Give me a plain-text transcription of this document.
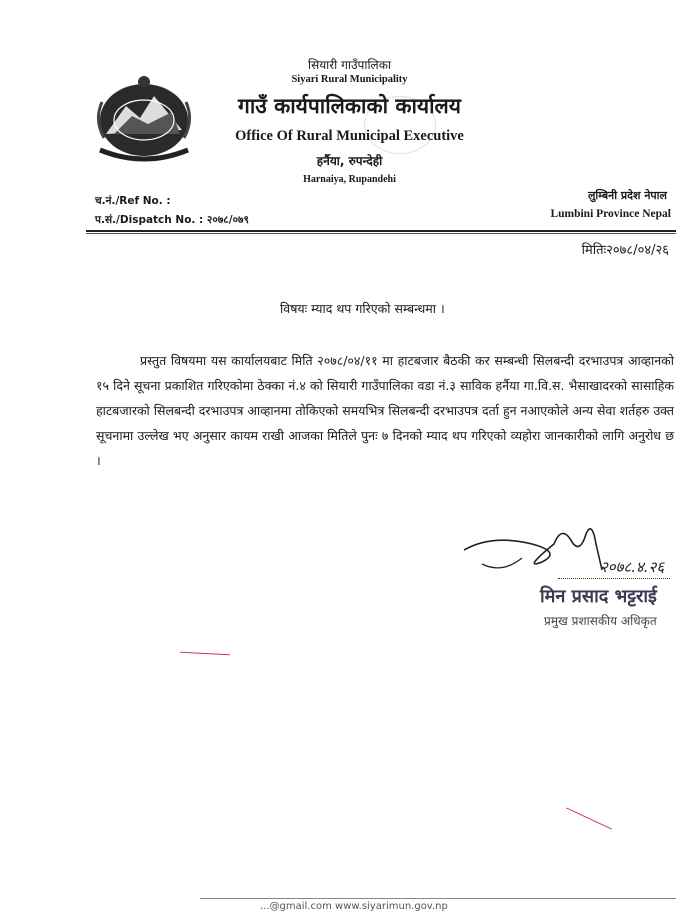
सियारी गाउँपालिका
Siyari Rural Municipality
गाउँ कार्यपालिकाको कार्यालय
Office Of Rural Municipal Executive
हर्नैया, रुपन्देही
Harnaiya, Rupandehi
च.नं./Ref No. :
प.सं./Dispatch No. : २०७८/०७९
लुम्बिनी प्रदेश नेपाल
Lumbini Province Nepal
मितिः२०७८/०४/२६
विषयः म्याद थप गरिएको सम्बन्धमा ।
प्रस्तुत विषयमा यस कार्यालयबाट मिति २०७८/०४/११ मा हाटबजार बैठकी कर सम्बन्धी सिलबन्दी दरभाउपत्र आव्हानको १५ दिने सूचना प्रकाशित गरिएकोमा ठेक्का नं.४ को सियारी गाउँपालिका वडा नं.३ साविक हर्नैया गा.वि.स. भैसाखादरको सासाहिक हाटबजारको सिलबन्दी दरभाउपत्र आव्हानमा तोकिएको समयभित्र सिलबन्दी दरभाउपत्र दर्ता हुन नआएकोले अन्य सेवा शर्तहरु उक्त सूचनामा उल्लेख भए अनुसार कायम राखी आजका मितिले पुनः ७ दिनको म्याद थप गरिएको व्यहोरा जानकारीको लागि अनुरोध छ ।
२०७८.४.२६
मिन प्रसाद भट्टराई
प्रमुख प्रशासकीय अधिकृत
...@gmail.com www.siyarimun.gov.np
